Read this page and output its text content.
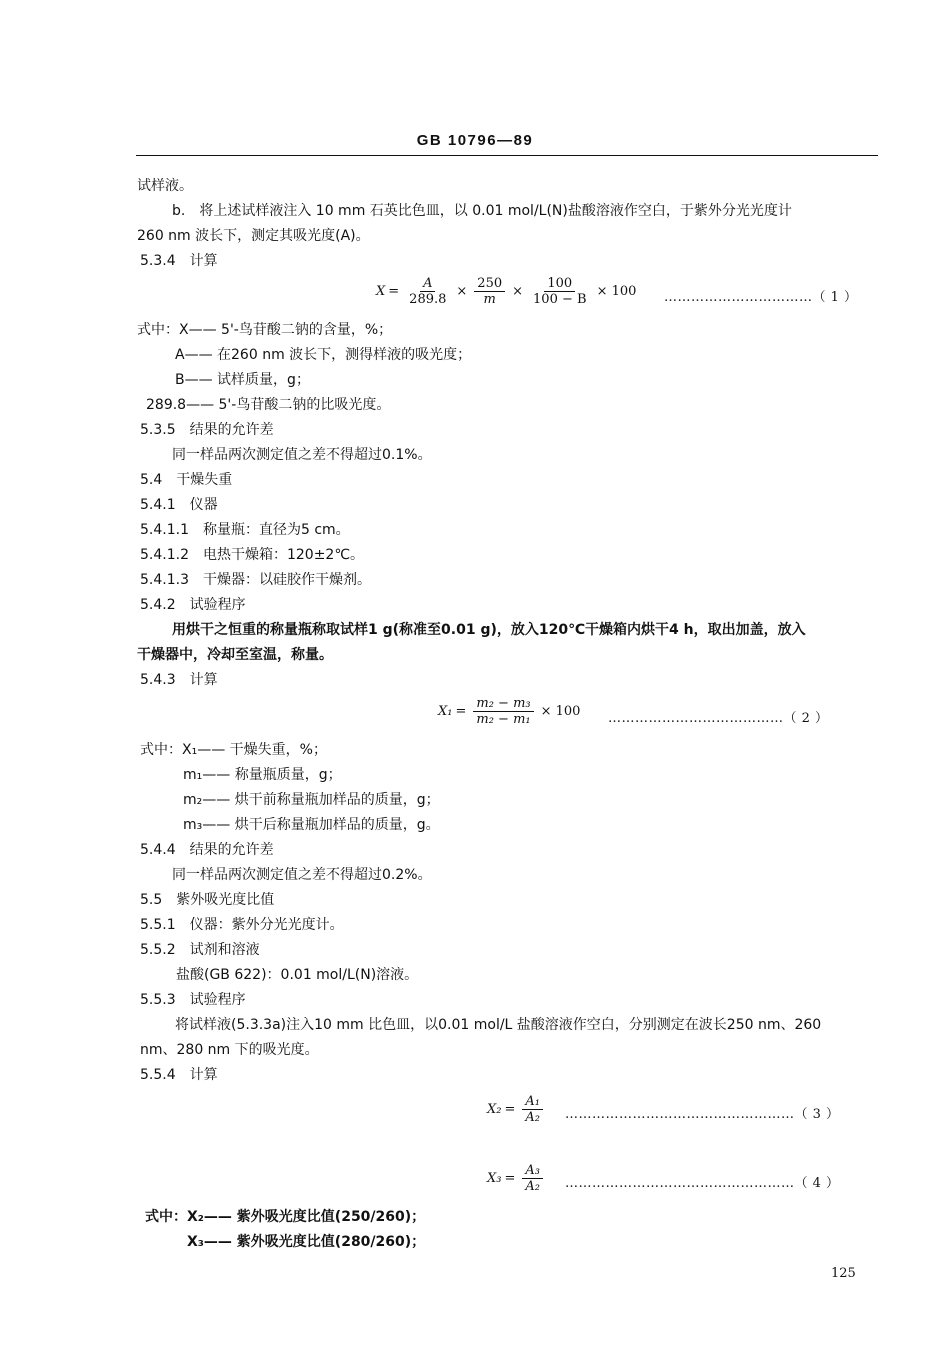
GB 10796—89
试样液。
b.　将上述试样液注入 10 mm 石英比色皿，以 0.01 mol/L(N)盐酸溶液作空白，于紫外分光光度计
260 nm 波长下，测定其吸光度(A)。
5.3.4　计算
$X = \frac{A}{289.8} \times \frac{250}{m} \times \frac{100}{100 - B} \times 100$ ……………………………（ 1 ）
式中：X—— 5'-鸟苷酸二钠的含量，%；
A—— 在260 nm 波长下，测得样液的吸光度；
B—— 试样质量，g；
289.8—— 5'-鸟苷酸二钠的比吸光度。
5.3.5　结果的允许差
同一样品两次测定值之差不得超过0.1%。
5.4　干燥失重
5.4.1　仪器
5.4.1.1　称量瓶：直径为5 cm。
5.4.1.2　电热干燥箱：120±2℃。
5.4.1.3　干燥器：以硅胶作干燥剂。
5.4.2　试验程序
用烘干之恒重的称量瓶称取试样1 g(称准至0.01 g)，放入120℃干燥箱内烘干4 h，取出加盖，放入
干燥器中，冷却至室温，称量。
5.4.3　计算
$X_1 = \frac{\text{m₂ − m₃}}{\text{m₂ − m₁}} \times 100$ …………………………………（ 2 ）
式中：X₁—— 干燥失重，%；
m₁—— 称量瓶质量，g；
m₂—— 烘干前称量瓶加样品的质量，g；
m₃—— 烘干后称量瓶加样品的质量，g。
5.4.4　结果的允许差
同一样品两次测定值之差不得超过0.2%。
5.5　紫外吸光度比值
5.5.1　仪器：紫外分光光度计。
5.5.2　试剂和溶液
盐酸(GB 622)：0.01 mol/L(N)溶液。
5.5.3　试验程序
将试样液(5.3.3a)注入10 mm 比色皿，以0.01 mol/L 盐酸溶液作空白，分别测定在波长250 nm、260
nm、280 nm 下的吸光度。
5.5.4　计算
$X_2 = \frac{\text{A₁}}{\text{A₂}}$ ……………………………………………（ 3 ）
$X_3 = \frac{\text{A₃}}{\text{A₂}}$ ……………………………………………（ 4 ）
式中：X₂—— 紫外吸光度比值(250/260)；
X₃—— 紫外吸光度比值(280/260)；
125
